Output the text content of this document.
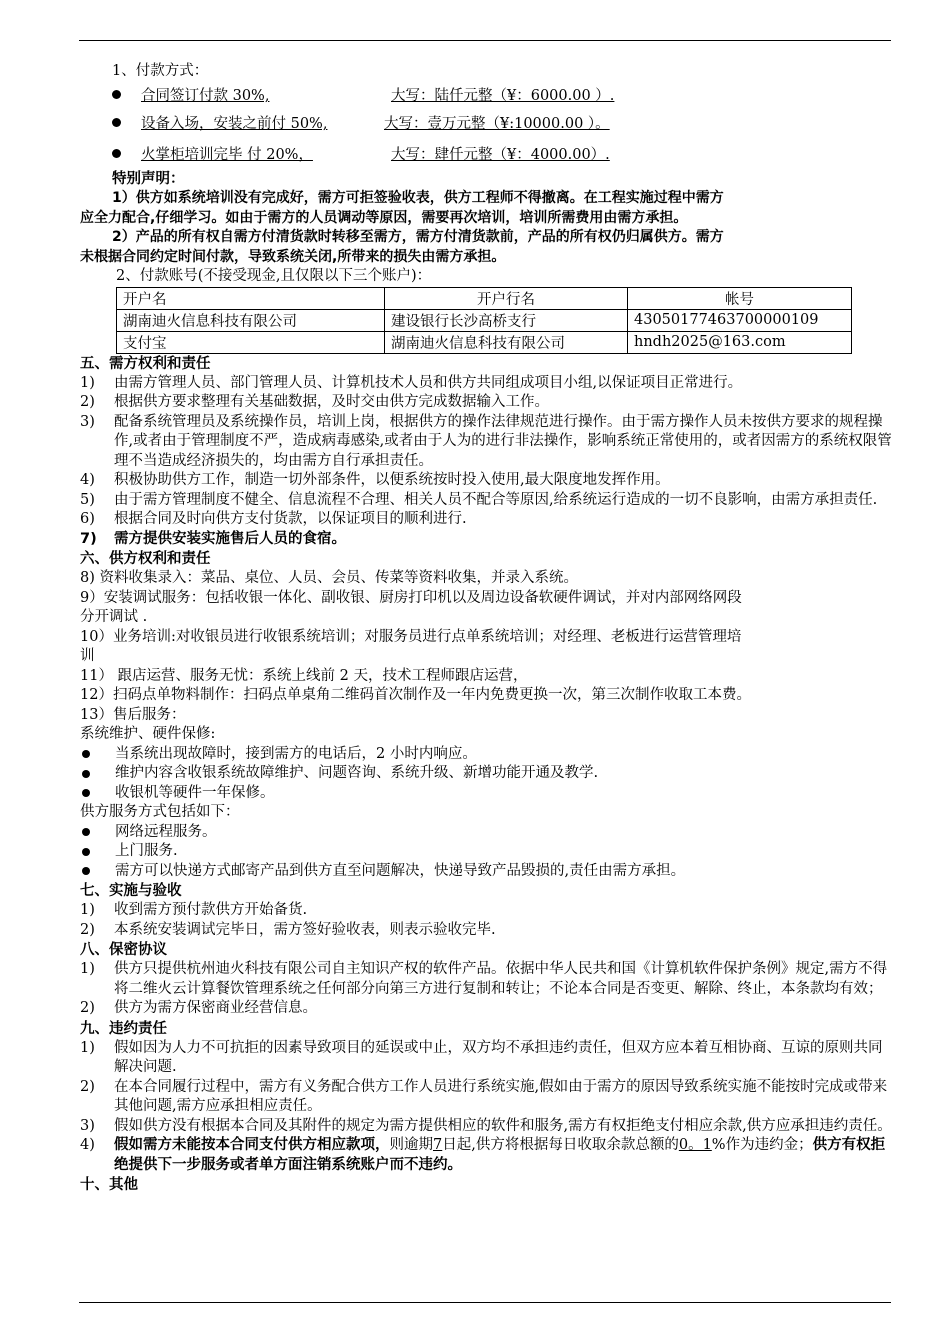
1、付款方式：
合同签订付款 30%,	大写：陆仟元整（¥：6000.00 ）.
设备入场，安装之前付 50%,	大写：壹万元整（¥:10000.00 ）。
火掌柜培训完毕 付 20%，	大写：肆仟元整（¥：4000.00）.
特别声明：
1）供方如系统培训没有完成好，需方可拒签验收表，供方工程师不得撤离。在工程实施过程中需方
应全力配合,仔细学习。如由于需方的人员调动等原因，需要再次培训，培训所需费用由需方承担。
2）产品的所有权自需方付清货款时转移至需方，需方付清货款前，产品的所有权仍归属供方。需方
未根据合同约定时间付款，导致系统关闭,所带来的损失由需方承担。
2、付款账号(不接受现金,且仅限以下三个账户)：
开户名	开户行名	帐号
湖南迪火信息科技有限公司	建设银行长沙高桥支行	43050177463700000109
支付宝	湖南迪火信息科技有限公司	hndh2025@163.com
五、需方权利和责任
1)	由需方管理人员、部门管理人员、计算机技术人员和供方共同组成项目小组,以保证项目正常进行。
2)	根据供方要求整理有关基础数据，及时交由供方完成数据输入工作。
3)	配备系统管理员及系统操作员，培训上岗，根据供方的操作法律规范进行操作。由于需方操作人员未按供方要求的规程操作,或者由于管理制度不严，造成病毒感染,或者由于人为的进行非法操作，影响系统正常使用的，或者因需方的系统权限管理不当造成经济损失的，均由需方自行承担责任。
4)	积极协助供方工作，制造一切外部条件，以便系统按时投入使用,最大限度地发挥作用。
5)	由于需方管理制度不健全、信息流程不合理、相关人员不配合等原因,给系统运行造成的一切不良影响，由需方承担责任.
6)	根据合同及时向供方支付货款，以保证项目的顺利进行.
7)	需方提供安装实施售后人员的食宿。
六、供方权利和责任
8) 资料收集录入：菜品、桌位、人员、会员、传菜等资料收集，并录入系统。
9）安装调试服务：包括收银一体化、副收银、厨房打印机以及周边设备软硬件调试，并对内部网络网段
分开调试 .
10）业务培训:对收银员进行收银系统培训；对服务员进行点单系统培训；对经理、老板进行运营管理培
训
11） 跟店运营、服务无忧：系统上线前 2 天，技术工程师跟店运营，
12）扫码点单物料制作：扫码点单桌角二维码首次制作及一年内免费更换一次，第三次制作收取工本费。
13）售后服务：
系统维护、硬件保修:
当系统出现故障时，接到需方的电话后，2 小时内响应。
维护内容含收银系统故障维护、问题咨询、系统升级、新增功能开通及教学.
收银机等硬件一年保修。
供方服务方式包括如下：
网络远程服务。
上门服务.
需方可以快递方式邮寄产品到供方直至问题解决，快递导致产品毁损的,责任由需方承担。
七、实施与验收
1)	收到需方预付款供方开始备货.
2)	本系统安装调试完毕日，需方签好验收表，则表示验收完毕.
八、保密协议
1)	供方只提供杭州迪火科技有限公司自主知识产权的软件产品。依据中华人民共和国《计算机软件保护条例》规定,需方不得将二维火云计算餐饮管理系统之任何部分向第三方进行复制和转让；不论本合同是否变更、解除、终止，本条款均有效；
2)	供方为需方保密商业经营信息。
九、违约责任
1)	假如因为人力不可抗拒的因素导致项目的延误或中止，双方均不承担违约责任，但双方应本着互相协商、互谅的原则共同解决问题.
2)	在本合同履行过程中，需方有义务配合供方工作人员进行系统实施,假如由于需方的原因导致系统实施不能按时完成或带来其他问题,需方应承担相应责任。
3)	假如供方没有根据本合同及其附件的规定为需方提供相应的软件和服务,需方有权拒绝支付相应余款,供方应承担违约责任。
4)	假如需方未能按本合同支付供方相应款项，则逾期7日起,供方将根据每日收取余款总额的0。1%作为违约金；供方有权拒绝提供下一步服务或者单方面注销系统账户而不违约。
十、其他
